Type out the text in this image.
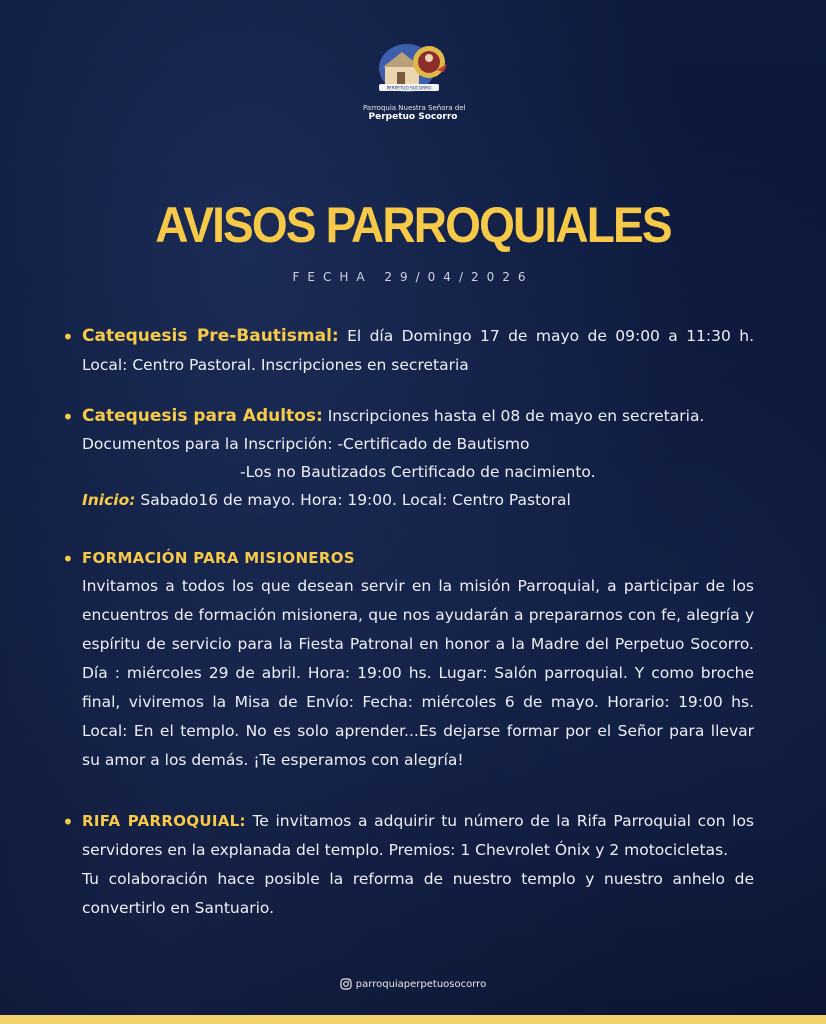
PERPETUO SOCORRO
Parroquia Nuestra Señora del
Perpetuo Socorro
AVISOS PARROQUIALES
FECHA 29/04/2026
• Catequesis Pre-Bautismal: El día Domingo 17 de mayo de 09:00 a 11:30 h. Local: Centro Pastoral. Inscripciones en secretaria

• Catequesis para Adultos: Inscripciones hasta el 08 de mayo en secretaria.

Documentos para la Inscripción: -Certificado de Bautismo

-Los no Bautizados Certificado de nacimiento.

Inicio: Sabado16 de mayo. Hora: 19:00. Local: Centro Pastoral

• FORMACIÓN PARA MISIONEROS

Invitamos a todos los que desean servir en la misión Parroquial, a participar de los encuentros de formación misionera, que nos ayudarán a prepararnos con fe, alegría y espíritu de servicio para la Fiesta Patronal en honor a la Madre del Perpetuo Socorro. Día : miércoles 29 de abril. Hora: 19:00 hs. Lugar: Salón parroquial. Y como broche final, viviremos la Misa de Envío: Fecha: miércoles 6 de mayo. Horario: 19:00 hs. Local: En el templo. No es solo aprender...Es dejarse formar por el Señor para llevar su amor a los demás. ¡Te esperamos con alegría!

• RIFA PARROQUIAL: Te invitamos a adquirir tu número de la Rifa Parroquial con los servidores en la explanada del templo. Premios: 1 Chevrolet Ónix y 2 motocicletas.

Tu colaboración hace posible la reforma de nuestro templo y nuestro anhelo de convertirlo en Santuario.

parroquiaperpetuosocorro
